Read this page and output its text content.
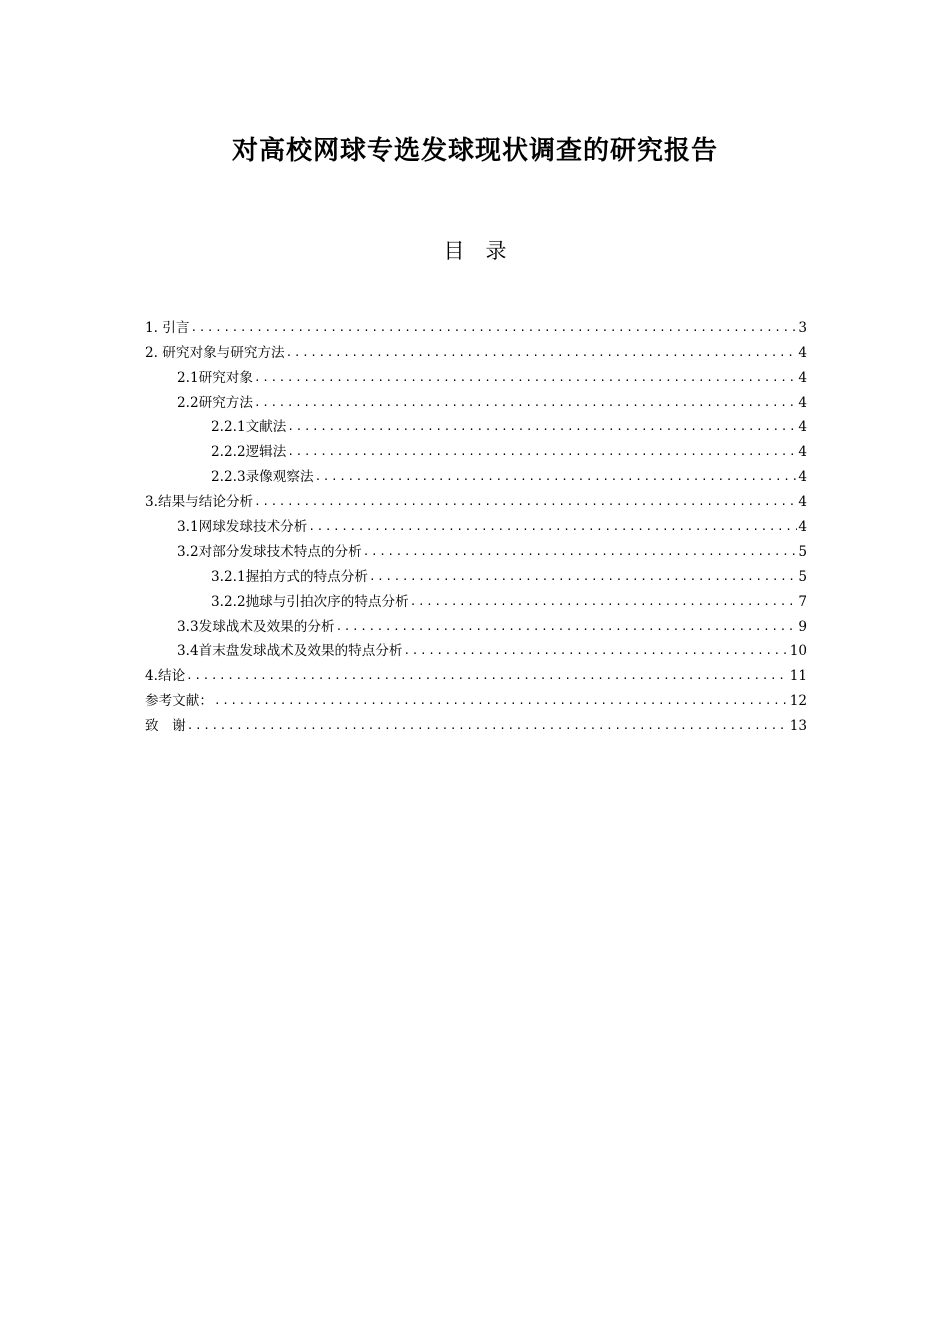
对高校网球专选发球现状调查的研究报告
目　录
1. 引言 .....	3
2. 研究对象与研究方法 .....	4
2.1研究对象 .....	4
2.2研究方法 .....	4
2.2.1文献法 .....	4
2.2.2逻辑法 .....	4
2.2.3录像观察法 .....	4
3.结果与结论分析 .....	4
3.1网球发球技术分析 .....	4
3.2对部分发球技术特点的分析 .....	5
3.2.1握拍方式的特点分析 .....	5
3.2.2抛球与引拍次序的特点分析 .....	7
3.3发球战术及效果的分析 .....	9
3.4首末盘发球战术及效果的特点分析 .....	10
4.结论 .....	11
参考文献： .....	12
致　谢 .....	13
